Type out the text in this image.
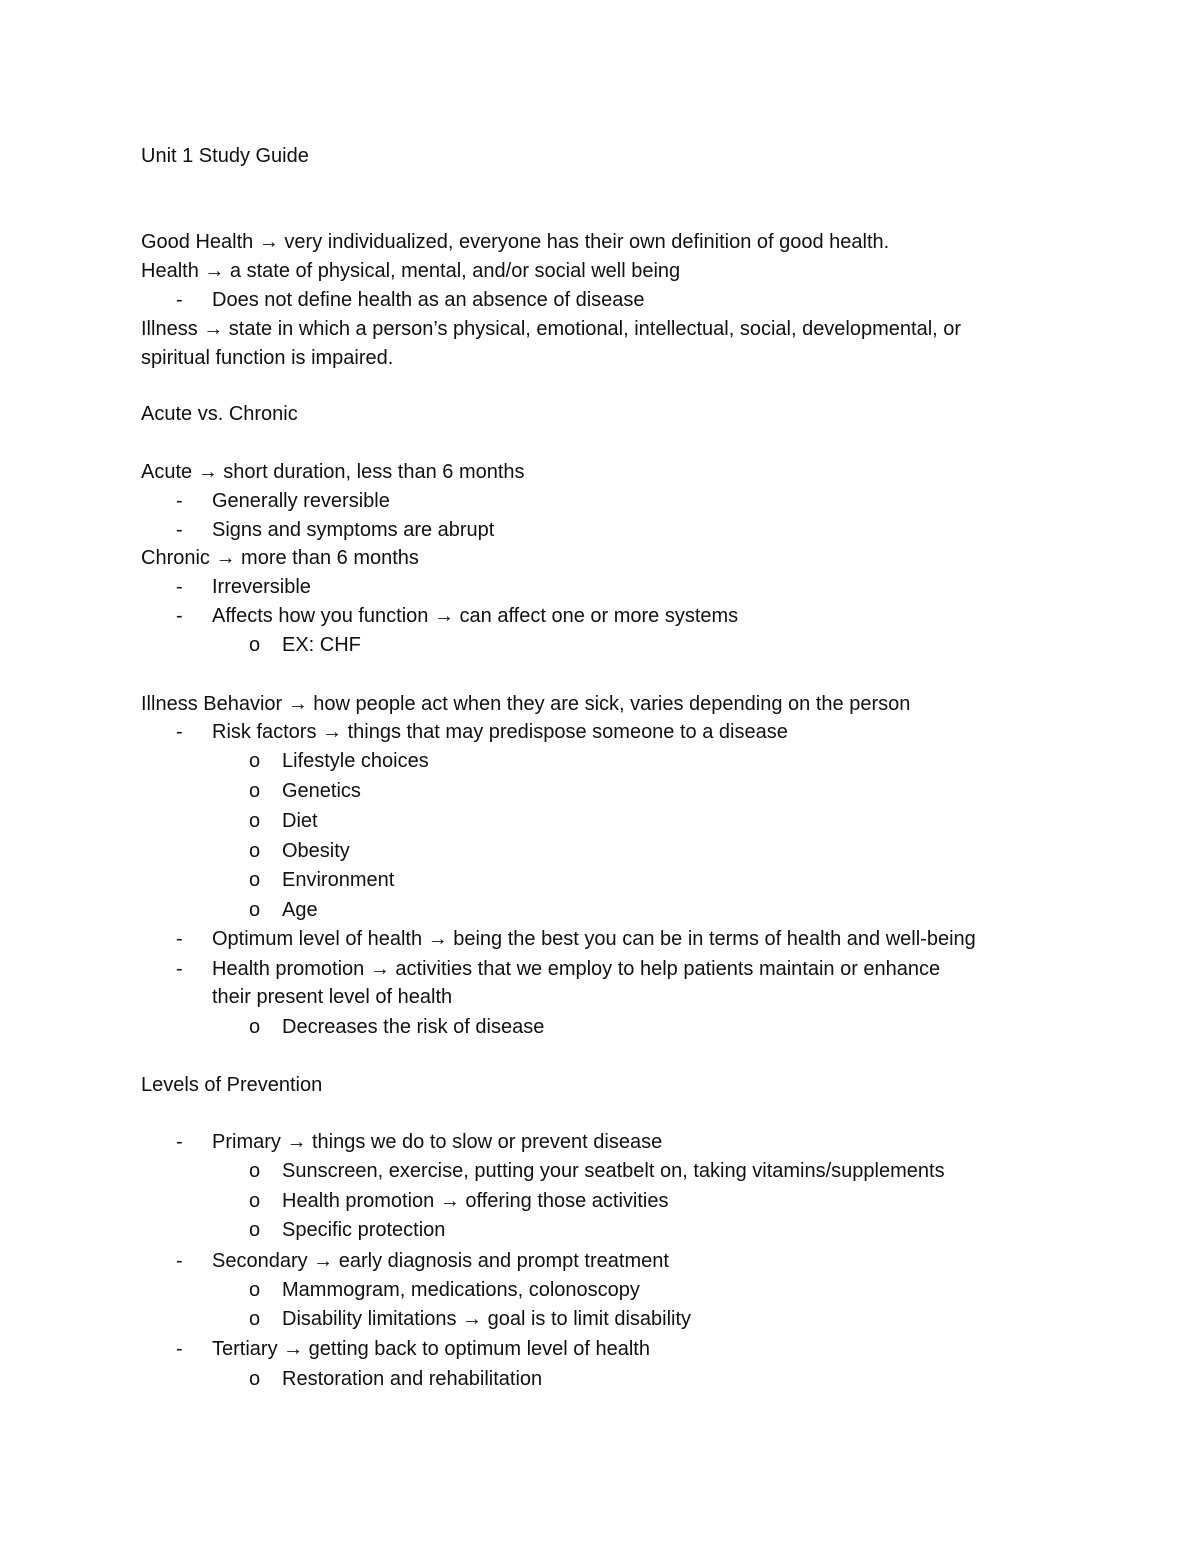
Unit 1 Study Guide
Good Health → very individualized, everyone has their own definition of good health.
Health → a state of physical, mental, and/or social well being
- Does not define health as an absence of disease
Illness → state in which a person’s physical, emotional, intellectual, social, developmental, or
spiritual function is impaired.
Acute vs. Chronic
Acute → short duration, less than 6 months
- Generally reversible
- Signs and symptoms are abrupt
Chronic → more than 6 months
- Irreversible
- Affects how you function → can affect one or more systems
o EX: CHF
Illness Behavior → how people act when they are sick, varies depending on the person
- Risk factors → things that may predispose someone to a disease
o Lifestyle choices
o Genetics
o Diet
o Obesity
o Environment
o Age
- Optimum level of health → being the best you can be in terms of health and well-being
- Health promotion → activities that we employ to help patients maintain or enhance
their present level of health
o Decreases the risk of disease
Levels of Prevention
- Primary → things we do to slow or prevent disease
o Sunscreen, exercise, putting your seatbelt on, taking vitamins/supplements
o Health promotion → offering those activities
o Specific protection
- Secondary → early diagnosis and prompt treatment
o Mammogram, medications, colonoscopy
o Disability limitations → goal is to limit disability
- Tertiary → getting back to optimum level of health
o Restoration and rehabilitation
